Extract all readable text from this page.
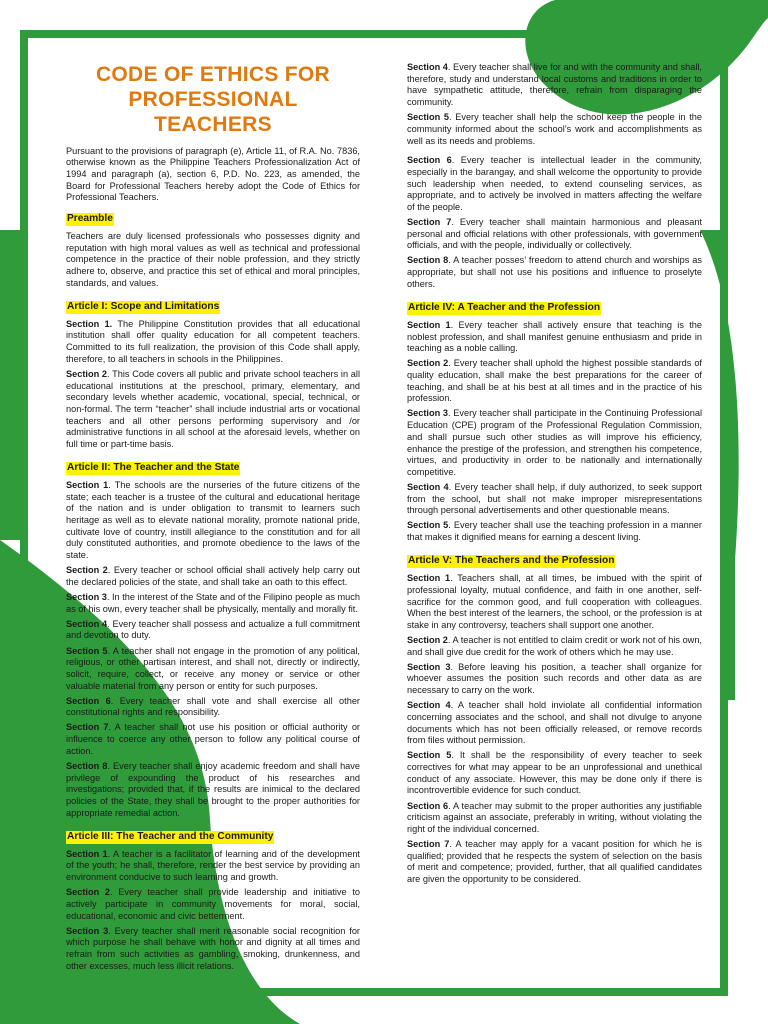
CODE OF ETHICS FOR
PROFESSIONAL
TEACHERS

Pursuant to the provisions of paragraph (e), Article 11, of R.A. No. 7836, otherwise known as the Philippine Teachers Professionalization Act of 1994 and paragraph (a), section 6, P.D. No. 223, as amended, the Board for Professional Teachers hereby adopt the Code of Ethics for Professional Teachers.

Preamble

Teachers are duly licensed professionals who possesses dignity and reputation with high moral values as well as technical and professional competence in the practice of their noble profession, and they strictly adhere to, observe, and practice this set of ethical and moral principles, standards, and values.

Article I: Scope and Limitations

Section 1. The Philippine Constitution provides that all educational institution shall offer quality education for all competent teachers. Committed to its full realization, the provision of this Code shall apply, therefore, to all teachers in schools in the Philippines.

Section 2. This Code covers all public and private school teachers in all educational institutions at the preschool, primary, elementary, and secondary levels whether academic, vocational, special, technical, or non-formal. The term “teacher” shall include industrial arts or vocational teachers and all other persons performing supervisory and /or administrative functions in all school at the aforesaid levels, whether on full time or part-time basis.

Article II: The Teacher and the State

Section 1. The schools are the nurseries of the future citizens of the state; each teacher is a trustee of the cultural and educational heritage of the nation and is under obligation to transmit to learners such heritage as well as to elevate national morality, promote national pride, cultivate love of country, instill allegiance to the constitution and for all duly constituted authorities, and promote obedience to the laws of the state.

Section 2. Every teacher or school official shall actively help carry out the declared policies of the state, and shall take an oath to this effect.

Section 3. In the interest of the State and of the Filipino people as much as of his own, every teacher shall be physically, mentally and morally fit.

Section 4. Every teacher shall possess and actualize a full commitment and devotion to duty.

Section 5. A teacher shall not engage in the promotion of any political, religious, or other partisan interest, and shall not, directly or indirectly, solicit, require, collect, or receive any money or service or other valuable material from any person or entity for such purposes.

Section 6. Every teacher shall vote and shall exercise all other constitutional rights and responsibility.

Section 7. A teacher shall not use his position or official authority or influence to coerce any other person to follow any political course of action.

Section 8. Every teacher shall enjoy academic freedom and shall have privilege of expounding the product of his researches and investigations; provided that, if the results are inimical to the declared policies of the State, they shall be brought to the proper authorities for appropriate remedial action.

Article III: The Teacher and the Community

Section 1. A teacher is a facilitator of learning and of the development of the youth; he shall, therefore, render the best service by providing an environment conducive to such learning and growth.

Section 2. Every teacher shall provide leadership and initiative to actively participate in community movements for moral, social, educational, economic and civic betterment.

Section 3. Every teacher shall merit reasonable social recognition for which purpose he shall behave with honor and dignity at all times and refrain from such activities as gambling, smoking, drunkenness, and other excesses, much less illicit relations.

Section 4. Every teacher shall live for and with the community and shall, therefore, study and understand local customs and traditions in order to have sympathetic attitude, therefore, refrain from disparaging the community.

Section 5. Every teacher shall help the school keep the people in the community informed about the school’s work and accomplishments as well as its needs and problems.

Section 6. Every teacher is intellectual leader in the community, especially in the barangay, and shall welcome the opportunity to provide such leadership when needed, to extend counseling services, as appropriate, and to actively be involved in matters affecting the welfare of the people.

Section 7. Every teacher shall maintain harmonious and pleasant personal and official relations with other professionals, with government officials, and with the people, individually or collectively.

Section 8. A teacher posses’ freedom to attend church and worships as appropriate, but shall not use his positions and influence to proselyte others.

Article IV: A Teacher and the Profession

Section 1. Every teacher shall actively ensure that teaching is the noblest profession, and shall manifest genuine enthusiasm and pride in teaching as a noble calling.

Section 2. Every teacher shall uphold the highest possible standards of quality education, shall make the best preparations for the career of teaching, and shall be at his best at all times and in the practice of his profession.

Section 3. Every teacher shall participate in the Continuing Professional Education (CPE) program of the Professional Regulation Commission, and shall pursue such other studies as will improve his efficiency, enhance the prestige of the profession, and strengthen his competence, virtues, and productivity in order to be nationally and internationally competitive.

Section 4. Every teacher shall help, if duly authorized, to seek support from the school, but shall not make improper misrepresentations through personal advertisements and other questionable means.

Section 5. Every teacher shall use the teaching profession in a manner that makes it dignified means for earning a descent living.

Article V: The Teachers and the Profession

Section 1. Teachers shall, at all times, be imbued with the spirit of professional loyalty, mutual confidence, and faith in one another, self-sacrifice for the common good, and full cooperation with colleagues. When the best interest of the learners, the school, or the profession is at stake in any controversy, teachers shall support one another.

Section 2. A teacher is not entitled to claim credit or work not of his own, and shall give due credit for the work of others which he may use.

Section 3. Before leaving his position, a teacher shall organize for whoever assumes the position such records and other data as are necessary to carry on the work.

Section 4. A teacher shall hold inviolate all confidential information concerning associates and the school, and shall not divulge to anyone documents which has not been officially released, or remove records from files without permission.

Section 5. It shall be the responsibility of every teacher to seek correctives for what may appear to be an unprofessional and unethical conduct of any associate. However, this may be done only if there is incontrovertible evidence for such conduct.

Section 6. A teacher may submit to the proper authorities any justifiable criticism against an associate, preferably in writing, without violating the right of the individual concerned.

Section 7. A teacher may apply for a vacant position for which he is qualified; provided that he respects the system of selection on the basis of merit and competence; provided, further, that all qualified candidates are given the opportunity to be considered.
